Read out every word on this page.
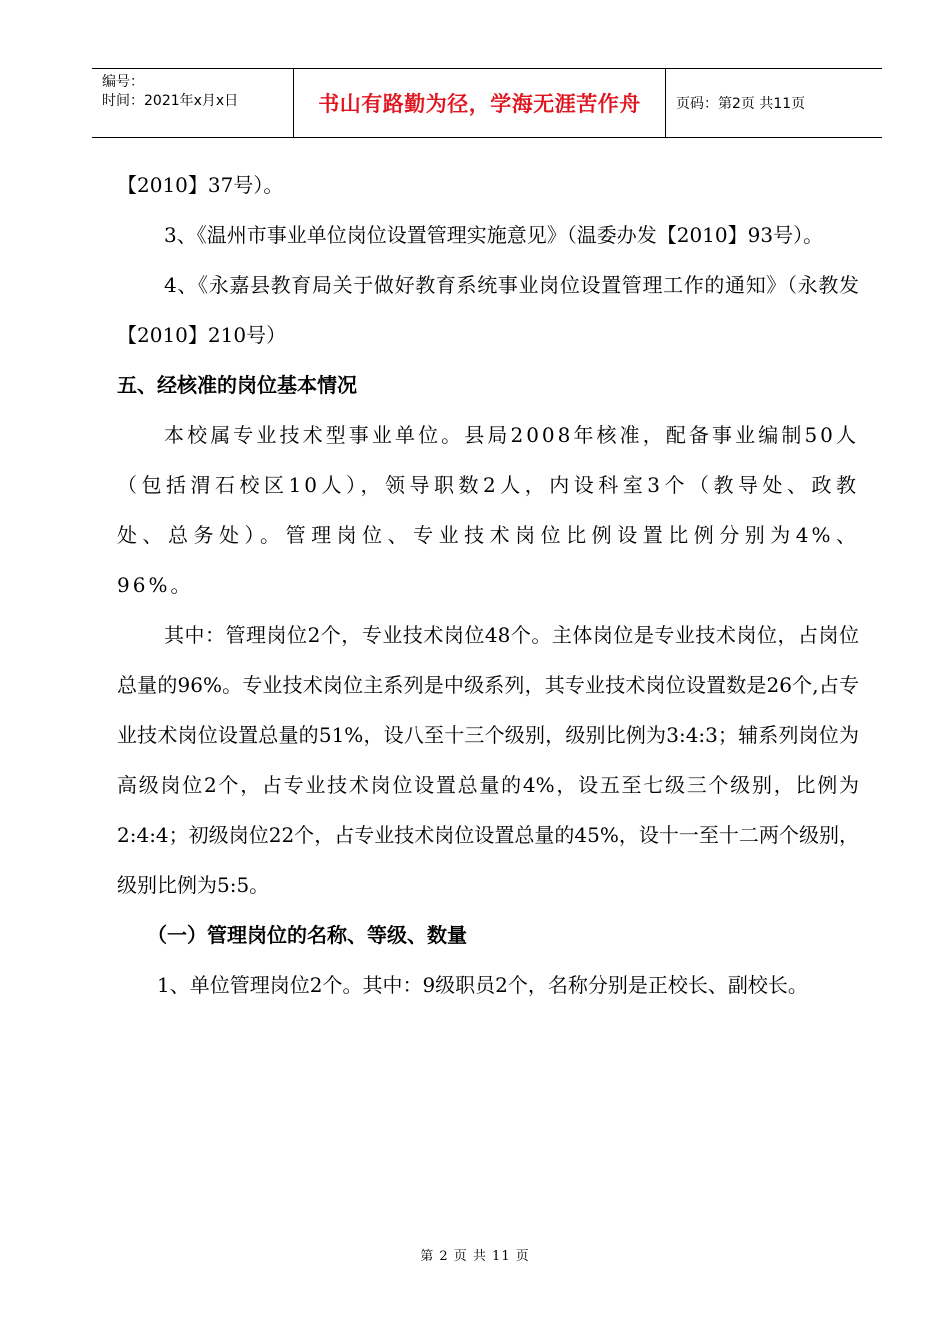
编号：
时间：2021年x月x日	书山有路勤为径，学海无涯苦作舟	页码：第2页 共11页

【2010】37号）。

3、《温州市事业单位岗位设置管理实施意见》（温委办发【2010】93号）。

4、《永嘉县教育局关于做好教育系统事业岗位设置管理工作的通知》（永教发【2010】210号）

五、经核准的岗位基本情况

本校属专业技术型事业单位。县局2008年核准，配备事业编制50人（包括渭石校区10人），领导职数2人，内设科室3个（教导处、政教处、总务处）。管理岗位、专业技术岗位比例设置比例分别为4%、96%。

其中：管理岗位2个，专业技术岗位48个。主体岗位是专业技术岗位，占岗位总量的96%。专业技术岗位主系列是中级系列，其专业技术岗位设置数是26个,占专业技术岗位设置总量的51%，设八至十三个级别，级别比例为3:4:3；辅系列岗位为高级岗位2个，占专业技术岗位设置总量的4%，设五至七级三个级别，比例为2:4:4；初级岗位22个，占专业技术岗位设置总量的45%，设十一至十二两个级别，级别比例为5:5。

（一）管理岗位的名称、等级、数量

1、单位管理岗位2个。其中：9级职员2个，名称分别是正校长、副校长。

第 2 页 共 11 页
